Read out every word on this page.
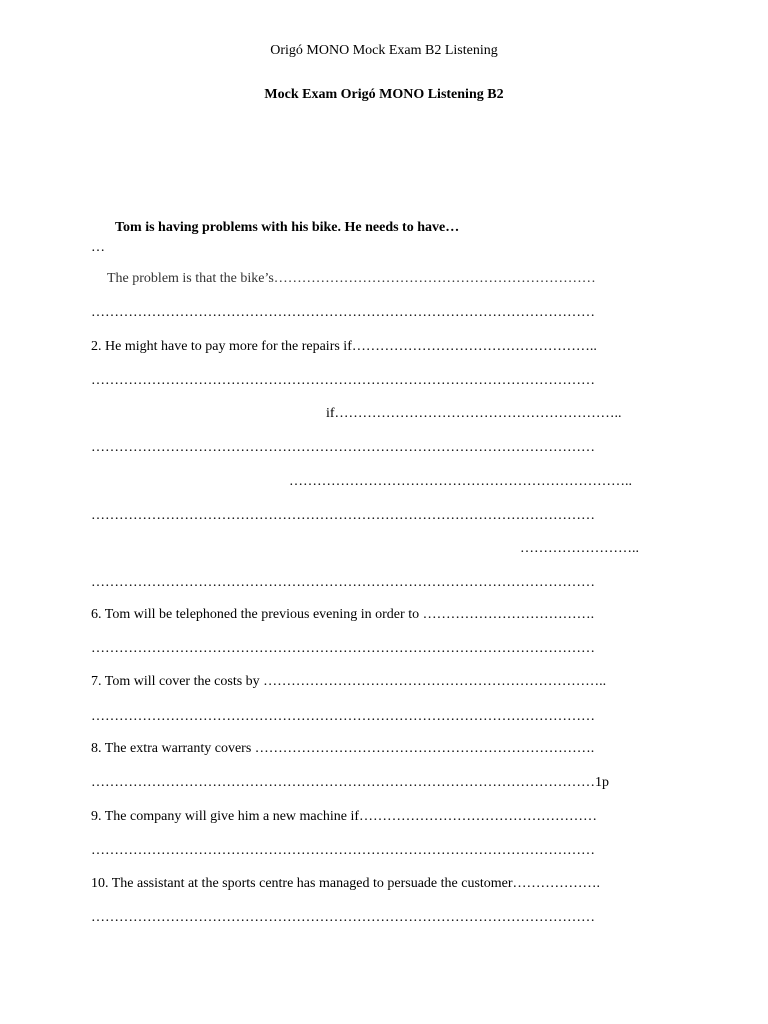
Origó MONO Mock Exam B2 Listening
Mock Exam Origó MONO Listening B2
Tom is having problems with his bike. He needs to have…
…
The problem is that the bike’s……………………………………………………………
………………………………………………………………………………………………
2. He might have to pay more for the repairs if……………………………………………..
………………………………………………………………………………………………
if……………………………………………………..
………………………………………………………………………………………………
………………………………………………………………..
………………………………………………………………………………………………
……………………..
………………………………………………………………………………………………
6. Tom will be telephoned the previous evening in order to ……………………………….
………………………………………………………………………………………………
7. Tom will cover the costs by ………………………………………………………………..
………………………………………………………………………………………………
8. The extra warranty covers ……………………………………………………………….
………………………………………………………………………………………………1p
9. The company will give him a new machine if……………………………………………
………………………………………………………………………………………………
10. The assistant at the sports centre has managed to persuade the customer……………….
………………………………………………………………………………………………
